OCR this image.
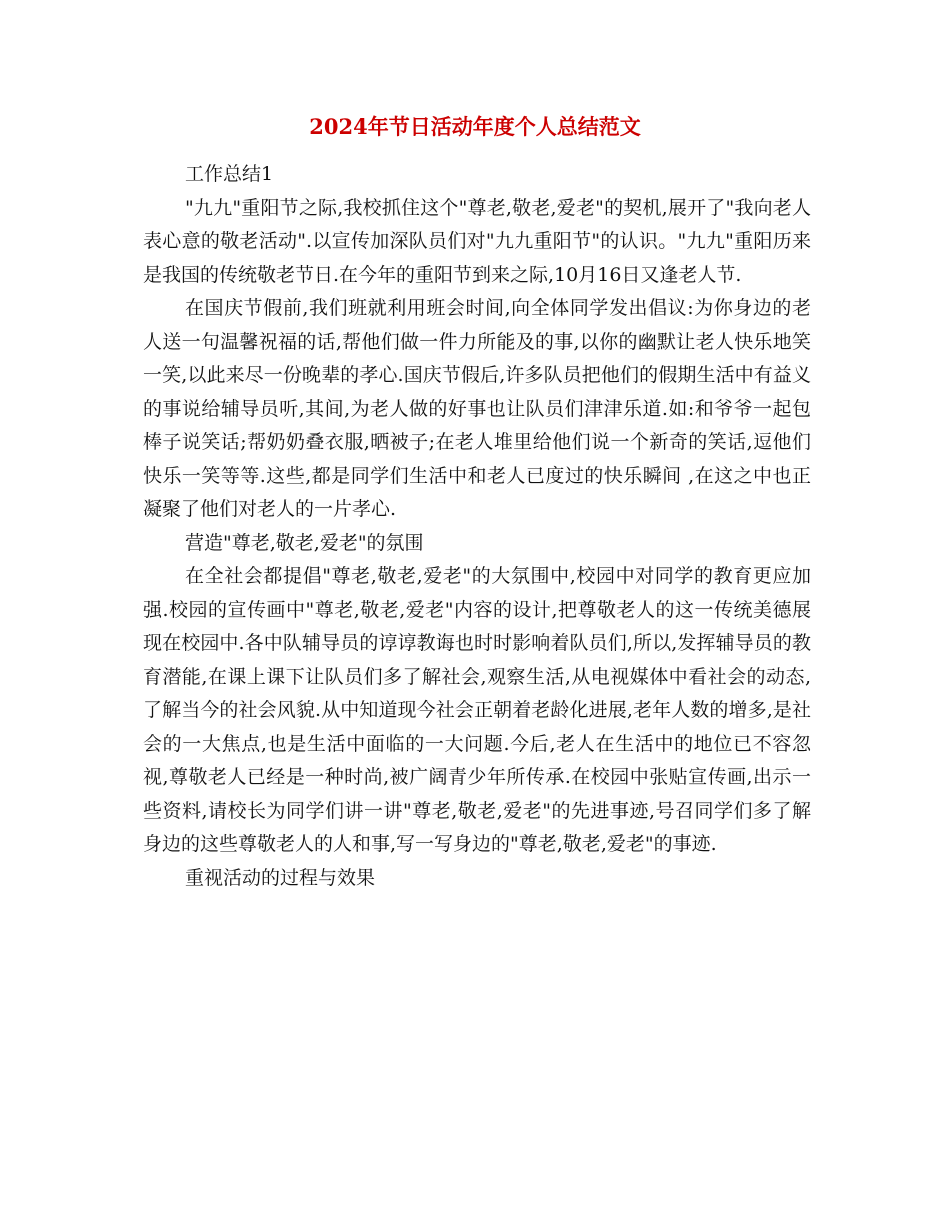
2024年节日活动年度个人总结范文

工作总结1

"九九"重阳节之际,我校抓住这个"尊老,敬老,爱老"的契机,展开了"我向老人表心意的敬老活动".以宣传加深队员们对"九九重阳节"的认识。"九九"重阳历来是我国的传统敬老节日.在今年的重阳节到来之际,10月16日又逢老人节.

在国庆节假前,我们班就利用班会时间,向全体同学发出倡议:为你身边的老人送一句温馨祝福的话,帮他们做一件力所能及的事,以你的幽默让老人快乐地笑一笑,以此来尽一份晚辈的孝心.国庆节假后,许多队员把他们的假期生活中有益义的事说给辅导员听,其间,为老人做的好事也让队员们津津乐道.如:和爷爷一起包棒子说笑话;帮奶奶叠衣服,晒被子;在老人堆里给他们说一个新奇的笑话,逗他们快乐一笑等等.这些,都是同学们生活中和老人已度过的快乐瞬间 ,在这之中也正凝聚了他们对老人的一片孝心.

营造"尊老,敬老,爱老"的氛围

在全社会都提倡"尊老,敬老,爱老"的大氛围中,校园中对同学的教育更应加强.校园的宣传画中"尊老,敬老,爱老"内容的设计,把尊敬老人的这一传统美德展现在校园中.各中队辅导员的谆谆教诲也时时影响着队员们,所以,发挥辅导员的教育潜能,在课上课下让队员们多了解社会,观察生活,从电视媒体中看社会的动态,了解当今的社会风貌.从中知道现今社会正朝着老龄化进展,老年人数的增多,是社会的一大焦点,也是生活中面临的一大问题.今后,老人在生活中的地位已不容忽视,尊敬老人已经是一种时尚,被广阔青少年所传承.在校园中张贴宣传画,出示一些资料,请校长为同学们讲一讲"尊老,敬老,爱老"的先进事迹,号召同学们多了解身边的这些尊敬老人的人和事,写一写身边的"尊老,敬老,爱老"的事迹.

重视活动的过程与效果
